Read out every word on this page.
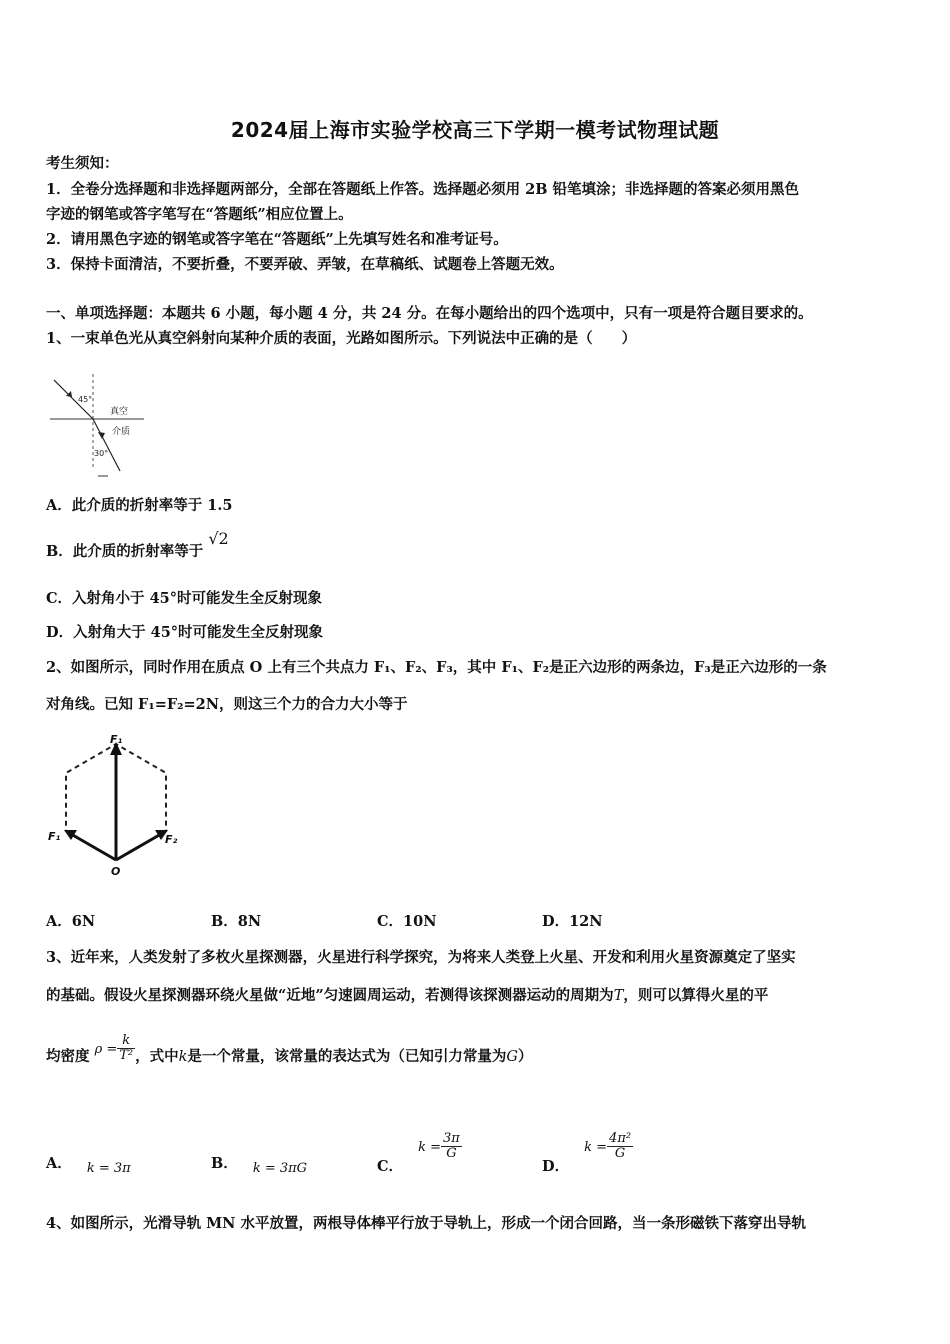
2024届上海市实验学校高三下学期一模考试物理试题
考生须知：
1．全卷分选择题和非选择题两部分，全部在答题纸上作答。选择题必须用 2B 铅笔填涂；非选择题的答案必须用黑色
字迹的钢笔或答字笔写在“答题纸”相应位置上。
2．请用黑色字迹的钢笔或答字笔在“答题纸”上先填写姓名和准考证号。
3．保持卡面清洁，不要折叠，不要弄破、弄皱，在草稿纸、试题卷上答题无效。
一、单项选择题：本题共 6 小题，每小题 4 分，共 24 分。在每小题给出的四个选项中，只有一项是符合题目要求的。
1、一束单色光从真空斜射向某种介质的表面，光路如图所示。下列说法中正确的是（　　）
45°
30°
真空
介质
A．此介质的折射率等于 1.5
B．此介质的折射率等于 √2
C．入射角小于 45°时可能发生全反射现象
D．入射角大于 45°时可能发生全反射现象
2、如图所示，同时作用在质点 O 上有三个共点力 F₁、F₂、F₃，其中 F₁、F₂是正六边形的两条边，F₃是正六边形的一条
对角线。已知 F₁=F₂=2N，则这三个力的合力大小等于
F₁
F₁	F₂
O
A．6N	B．8N	C．10N	D．12N
3、近年来，人类发射了多枚火星探测器，火星进行科学探究，为将来人类登上火星、开发和利用火星资源奠定了坚实
的基础。假设火星探测器环绕火星做“近地”匀速圆周运动，若测得该探测器运动的周期为T，则可以算得火星的平
均密度 $\rho = \frac{k}{\text{T²}}$ ，式中k是一个常量，该常量的表达式为（已知引力常量为G）
A． k = 3π	B． k = 3πG	C． $k = \frac{3\pi}{G}$
D． $k = \frac{\text{4π²}}{G}$
4、如图所示，光滑导轨 MN 水平放置，两根导体棒平行放于导轨上，形成一个闭合回路，当一条形磁铁下落穿出导轨
